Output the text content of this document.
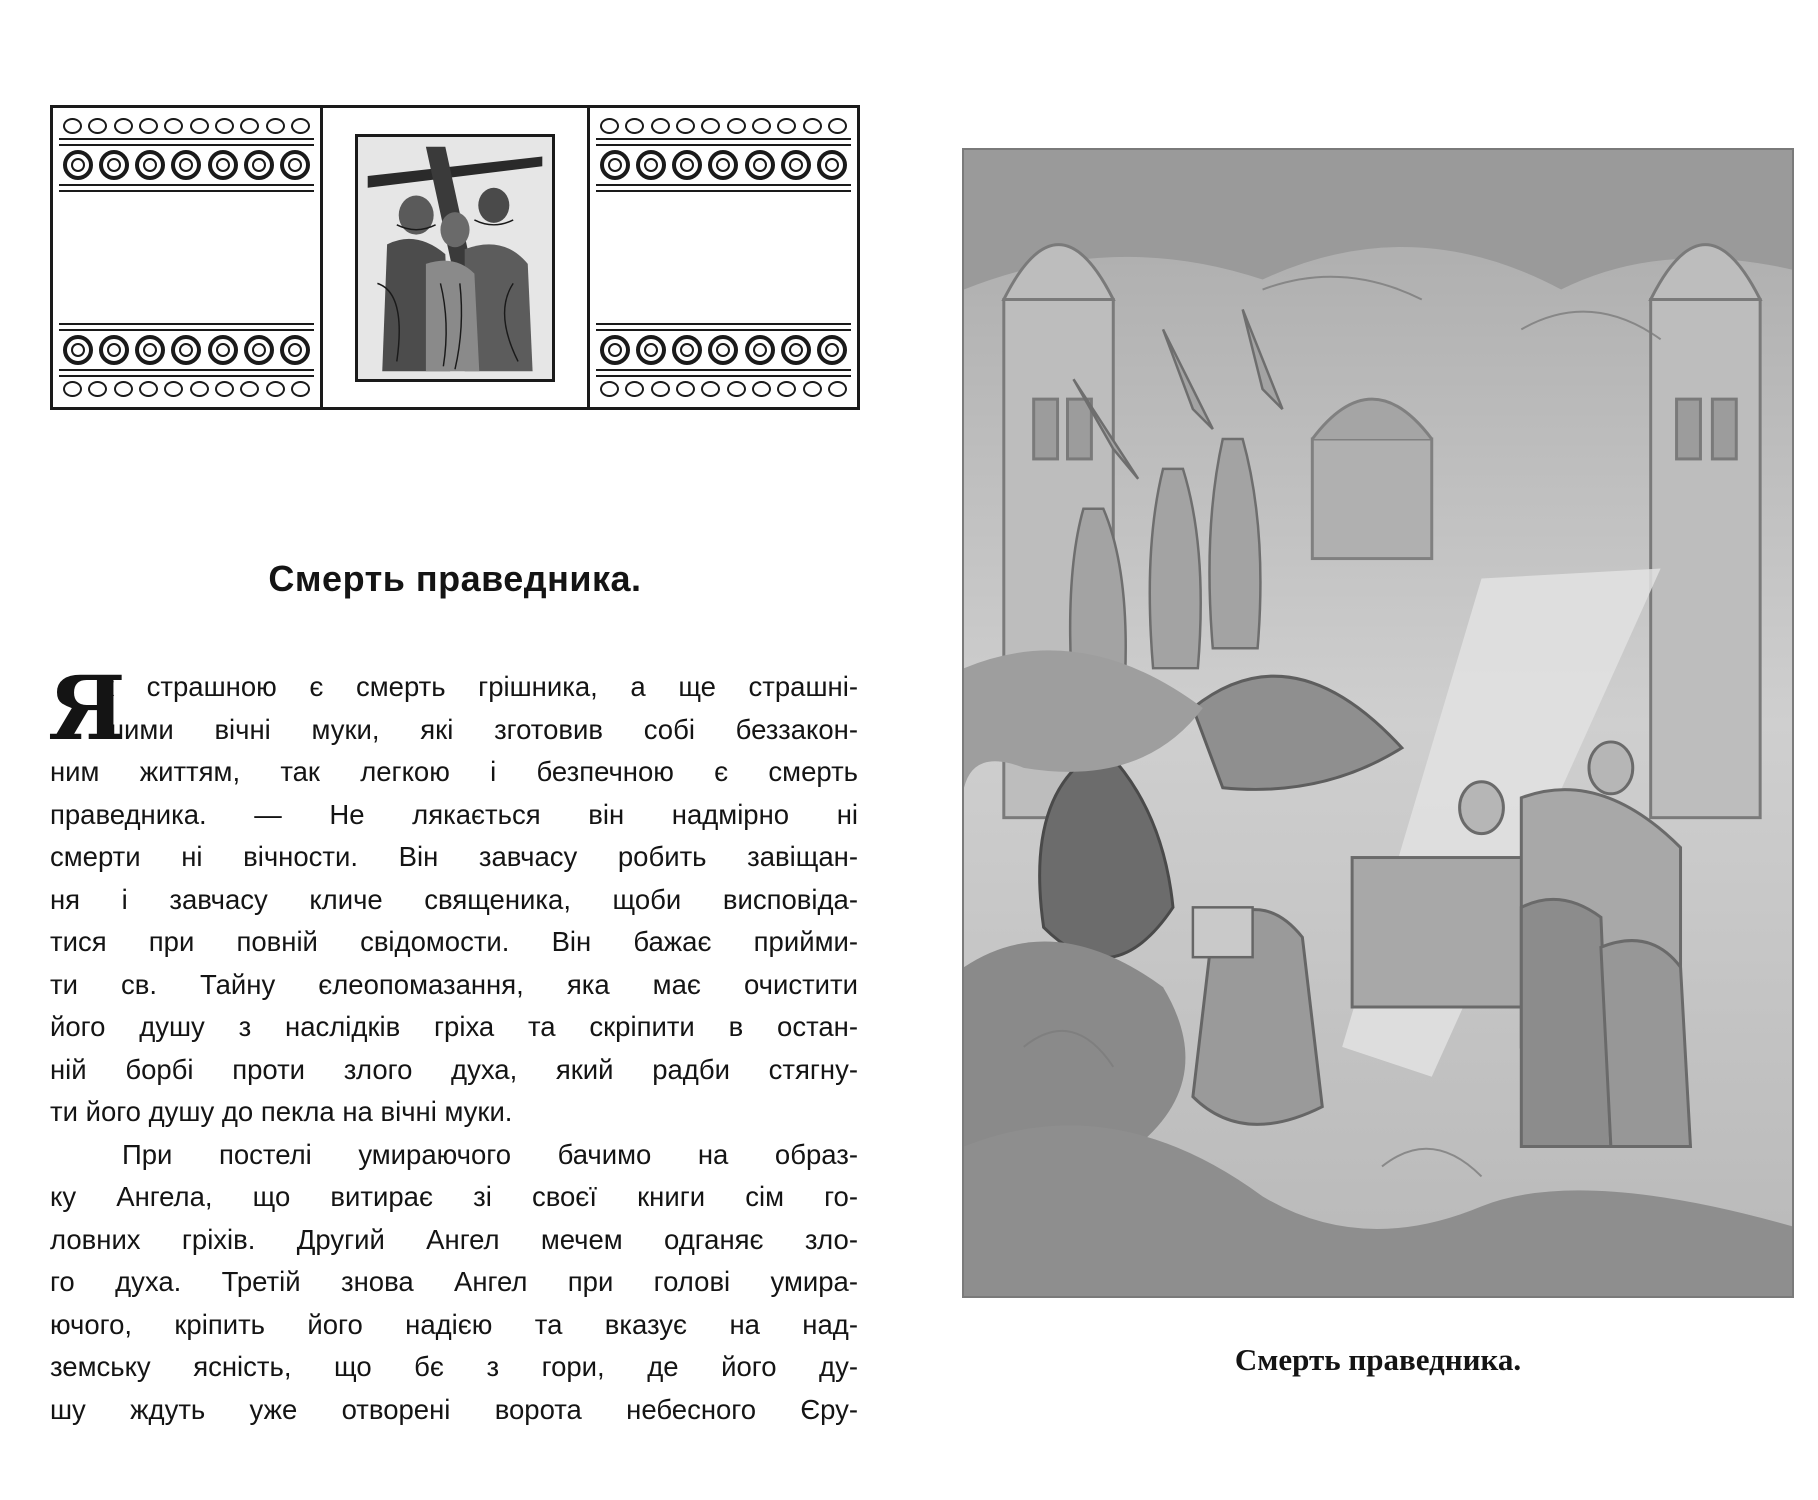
Смерть праведника.
Я
к страшною є смерть грішника, а ще страшні-
шими вічні муки, які зготовив собі беззакон-
ним життям, так легкою і безпечною є смерть
праведника. — Не лякається він надмірно ні
смерти ні вічности. Він завчасу робить завіщан-
ня і завчасу кличе священика, щоби висповіда-
тися при повній свідомости. Він бажає прийми-
ти св. Тайну єлеопомазання, яка має очистити
його душу з наслідків гріха та скріпити в остан-
ній борбі проти злого духа, який радби стягну-
ти його душу до пекла на вічні муки.
При постелі умираючого бачимо на образ-
ку Ангела, що витирає зі своєї книги сім го-
ловних гріхів. Другий Ангел мечем одганяє зло-
го духа. Третій знова Ангел при голові умира-
ючого, кріпить його надією та вказує на над-
земську ясність, що бє з гори, де його ду-
шу ждуть уже отворені ворота небесного Єру-

Смерть праведника.
